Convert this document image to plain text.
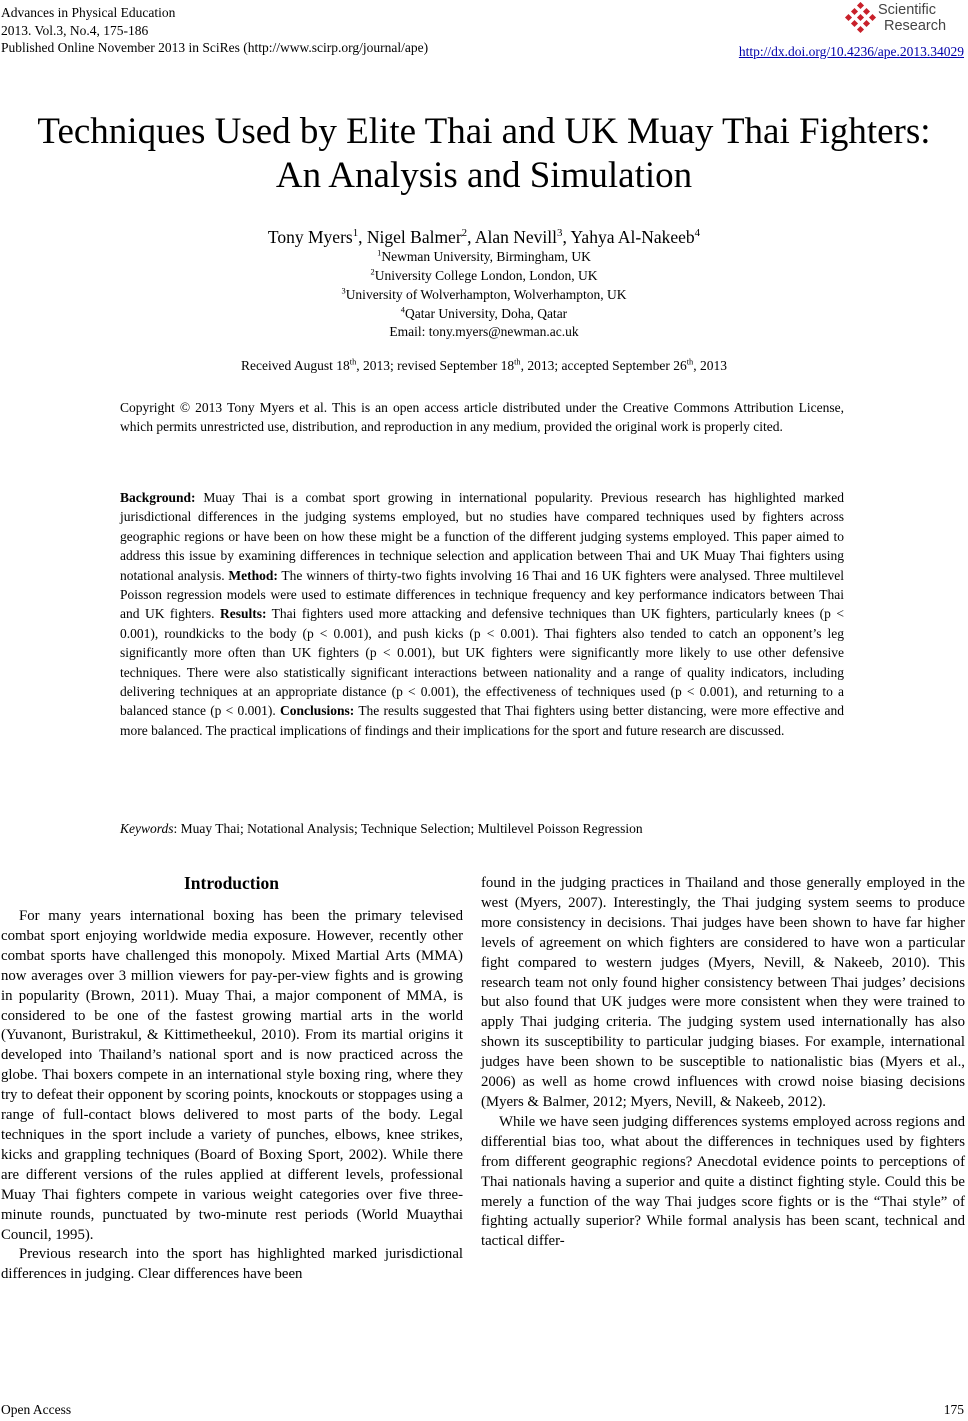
Advances in Physical Education
2013. Vol.3, No.4, 175-186
Published Online November 2013 in SciRes (http://www.scirp.org/journal/ape)	http://dx.doi.org/10.4236/ape.2013.34029
Scientific
Research
Techniques Used by Elite Thai and UK Muay Thai Fighters:
An Analysis and Simulation
Tony Myers$^1$, Nigel Balmer$^2$, Alan Nevill$^3$, Yahya Al-Nakeeb$^4$
$^1$Newman University, Birmingham, UK
$^2$University College London, London, UK
$^3$University of Wolverhampton, Wolverhampton, UK
$^4$Qatar University, Doha, Qatar
Email: tony.myers@newman.ac.uk
Received August 18th, 2013; revised September 18th, 2013; accepted September 26th, 2013
Copyright © 2013 Tony Myers et al. This is an open access article distributed under the Creative Commons Attribution License, which permits unrestricted use, distribution, and reproduction in any medium, provided the original work is properly cited.
Background: Muay Thai is a combat sport growing in international popularity. Previous research has highlighted marked jurisdictional differences in the judging systems employed, but no studies have compared techniques used by fighters across geographic regions or have been on how these might be a function of the different judging systems employed. This paper aimed to address this issue by examining differences in technique selection and application between Thai and UK Muay Thai fighters using notational analysis. Method: The winners of thirty-two fights involving 16 Thai and 16 UK fighters were analysed. Three multilevel Poisson regression models were used to estimate differences in technique frequency and key performance indicators between Thai and UK fighters. Results: Thai fighters used more attacking and defensive techniques than UK fighters, particularly knees (p < 0.001), roundkicks to the body (p < 0.001), and push kicks (p < 0.001). Thai fighters also tended to catch an opponent’s leg significantly more often than UK fighters (p < 0.001), but UK fighters were significantly more likely to use other defensive techniques. There were also statistically significant interactions between nationality and a range of quality indicators, including delivering techniques at an appropriate distance (p < 0.001), the effectiveness of techniques used (p < 0.001), and returning to a balanced stance (p < 0.001). Conclusions: The results suggested that Thai fighters using better distancing, were more effective and more balanced. The practical implications of findings and their implications for the sport and future research are discussed.
Keywords: Muay Thai; Notational Analysis; Technique Selection; Multilevel Poisson Regression
Introduction

For many years international boxing has been the primary televised combat sport enjoying worldwide media exposure. However, recently other combat sports have challenged this monopoly. Mixed Martial Arts (MMA) now averages over 3 million viewers for pay-per-view fights and is growing in popularity (Brown, 2011). Muay Thai, a major component of MMA, is considered to be one of the fastest growing martial arts in the world (Yuvanont, Buristrakul, & Kittimetheekul, 2010). From its martial origins it developed into Thailand’s national sport and is now practiced across the globe. Thai boxers compete in an international style boxing ring, where they try to defeat their opponent by scoring points, knockouts or stoppages using a range of full-contact blows delivered to most parts of the body. Legal techniques in the sport include a variety of punches, elbows, knee strikes, kicks and grappling techniques (Board of Boxing Sport, 2002). While there are different versions of the rules applied at different levels, professional Muay Thai fighters compete in various weight categories over five three-minute rounds, punctuated by two-minute rest periods (World Muaythai Council, 1995).

Previous research into the sport has highlighted marked jurisdictional differences in judging. Clear differences have been

found in the judging practices in Thailand and those generally employed in the west (Myers, 2007). Interestingly, the Thai judging system seems to produce more consistency in decisions. Thai judges have been shown to have far higher levels of agreement on which fighters are considered to have won a particular fight compared to western judges (Myers, Nevill, & Nakeeb, 2010). This research team not only found higher consistency between Thai judges’ decisions but also found that UK judges were more consistent when they were trained to apply Thai judging criteria. The judging system used internationally has also shown its susceptibility to particular judging biases. For example, international judges have been shown to be susceptible to nationalistic bias (Myers et al., 2006) as well as home crowd influences with crowd noise biasing decisions (Myers & Balmer, 2012; Myers, Nevill, & Nakeeb, 2012).

While we have seen judging differences systems employed across regions and differential bias too, what about the differences in techniques used by fighters from different geographic regions? Anecdotal evidence points to perceptions of Thai nationals having a superior and quite a distinct fighting style. Could this be merely a function of the way Thai judges score fights or is the “Thai style” of fighting actually superior? While formal analysis has been scant, technical and tactical differ-

Open Access	175
